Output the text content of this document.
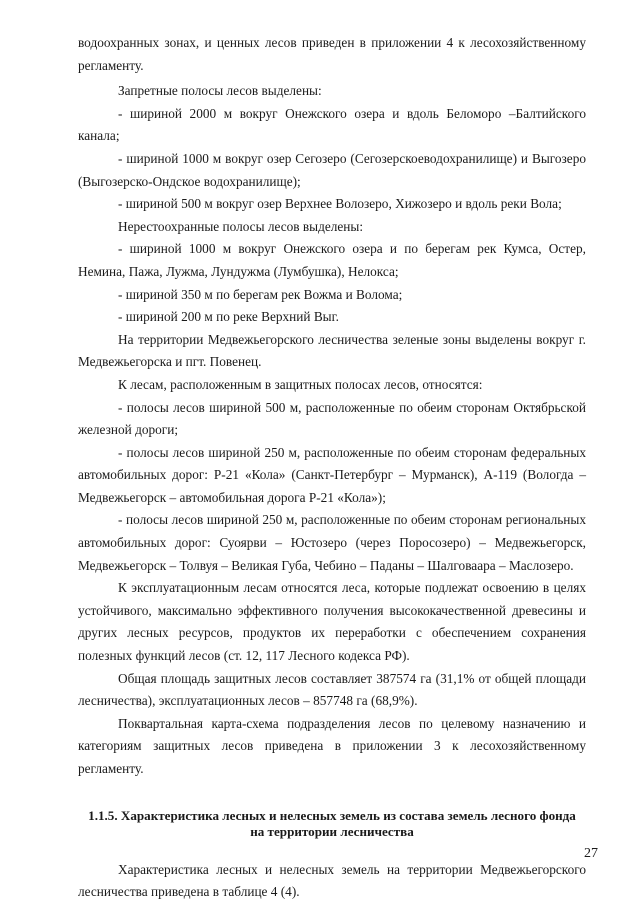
водоохранных зонах, и ценных лесов приведен в приложении 4 к лесохозяйственному регламенту.

Запретные полосы лесов выделены:

- шириной 2000 м вокруг Онежского озера и вдоль Беломоро –Балтийского канала;

- шириной 1000 м вокруг озер Сегозеро (Сегозерскоеводохранилище) и Выгозеро (Выгозерско-Ондское водохранилище);

- шириной 500 м вокруг озер Верхнее Волозеро, Хижозеро и вдоль реки Вола;

Нерестоохранные полосы лесов выделены:

- шириной 1000 м вокруг Онежского озера и по берегам рек Кумса, Остер, Немина, Пажа, Лужма, Лундужма (Лумбушка), Нелокса;

- шириной 350 м по берегам рек Вожма и Волома;

- шириной 200 м по реке Верхний Выг.

На территории Медвежьегорского лесничества зеленые зоны выделены вокруг г. Медвежьегорска и пгт. Повенец.

К лесам, расположенным в защитных полосах лесов, относятся:

- полосы лесов шириной 500 м, расположенные по обеим сторонам Октябрьской железной дороги;

- полосы лесов шириной 250 м, расположенные по обеим сторонам федеральных автомобильных дорог: Р-21 «Кола» (Санкт-Петербург – Мурманск), А-119 (Вологда – Медвежьегорск – автомобильная дорога Р-21 «Кола»);

- полосы лесов шириной 250 м, расположенные по обеим сторонам региональных автомобильных дорог: Суоярви – Юстозеро (через Поросозеро) – Медвежьегорск, Медвежьегорск – Толвуя – Великая Губа, Чебино – Паданы – Шалговаара – Маслозеро.

К эксплуатационным лесам относятся леса, которые подлежат освоению в целях устойчивого, максимально эффективного получения высококачественной древесины и других лесных ресурсов, продуктов их переработки с обеспечением сохранения полезных функций лесов (ст. 12, 117 Лесного кодекса РФ).

Общая площадь защитных лесов составляет 387574 га (31,1% от общей площади лесничества), эксплуатационных лесов – 857748 га (68,9%).

Поквартальная карта-схема подразделения лесов по целевому назначению и категориям защитных лесов приведена в приложении 3 к лесохозяйственному регламенту.

1.1.5. Характеристика лесных и нелесных земель из состава земель лесного фонда
на территории лесничества

Характеристика лесных и нелесных земель на территории Медвежьегорского лесничества приведена в таблице 4 (4).

27
